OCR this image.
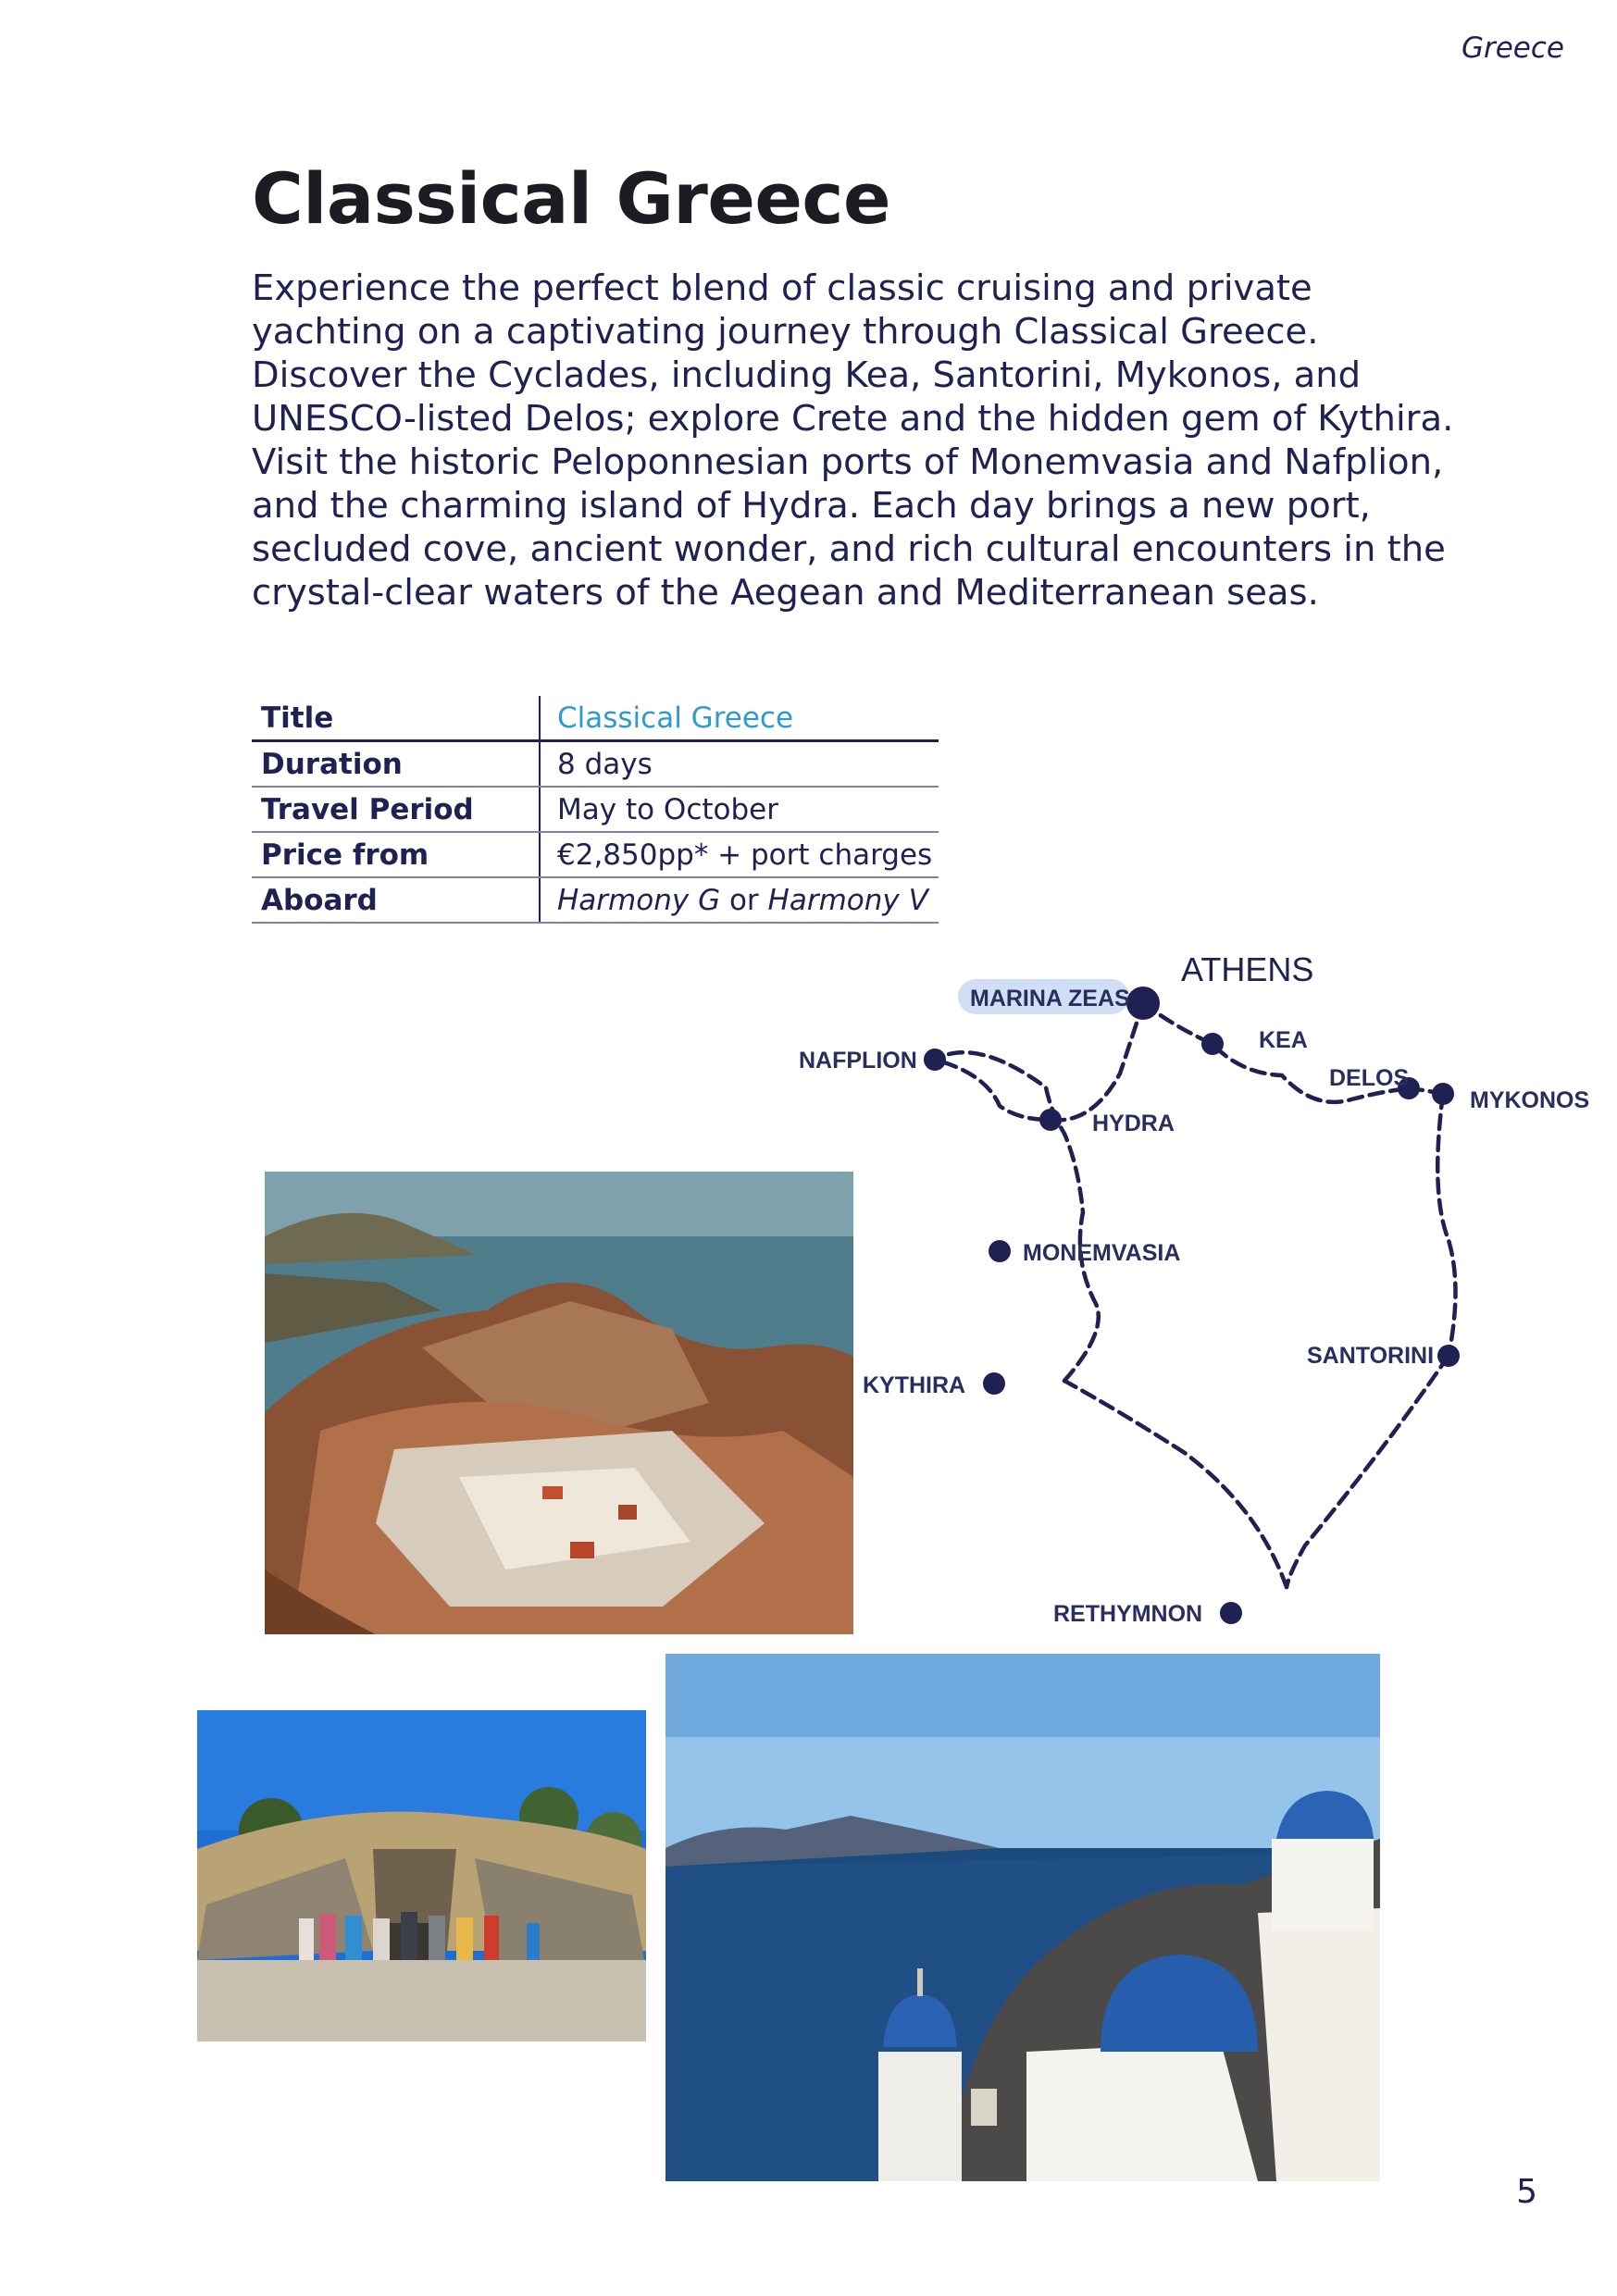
Greece
Classical Greece

Experience the perfect blend of classic cruising and private yachting on a captivating journey through Classical Greece. Discover the Cyclades, including Kea, Santorini, Mykonos, and UNESCO-listed Delos; explore Crete and the hidden gem of Kythira. Visit the historic Peloponnesian ports of Monemvasia and Nafplion, and the charming island of Hydra. Each day brings a new port, secluded cove, ancient wonder, and rich cultural encounters in the crystal-clear waters of the Aegean and Mediterranean seas.

Title	Classical Greece
Duration	8 days
Travel Period	May to October
Price from	€2,850pp* + port charges
Aboard	Harmony G or Harmony V
ATHENS
MARINA ZEAS
KEA
DELOS
MYKONOS
NAFPLION
HYDRA
MONEMVASIA
KYTHIRA
SANTORINI
RETHYMNON
5
